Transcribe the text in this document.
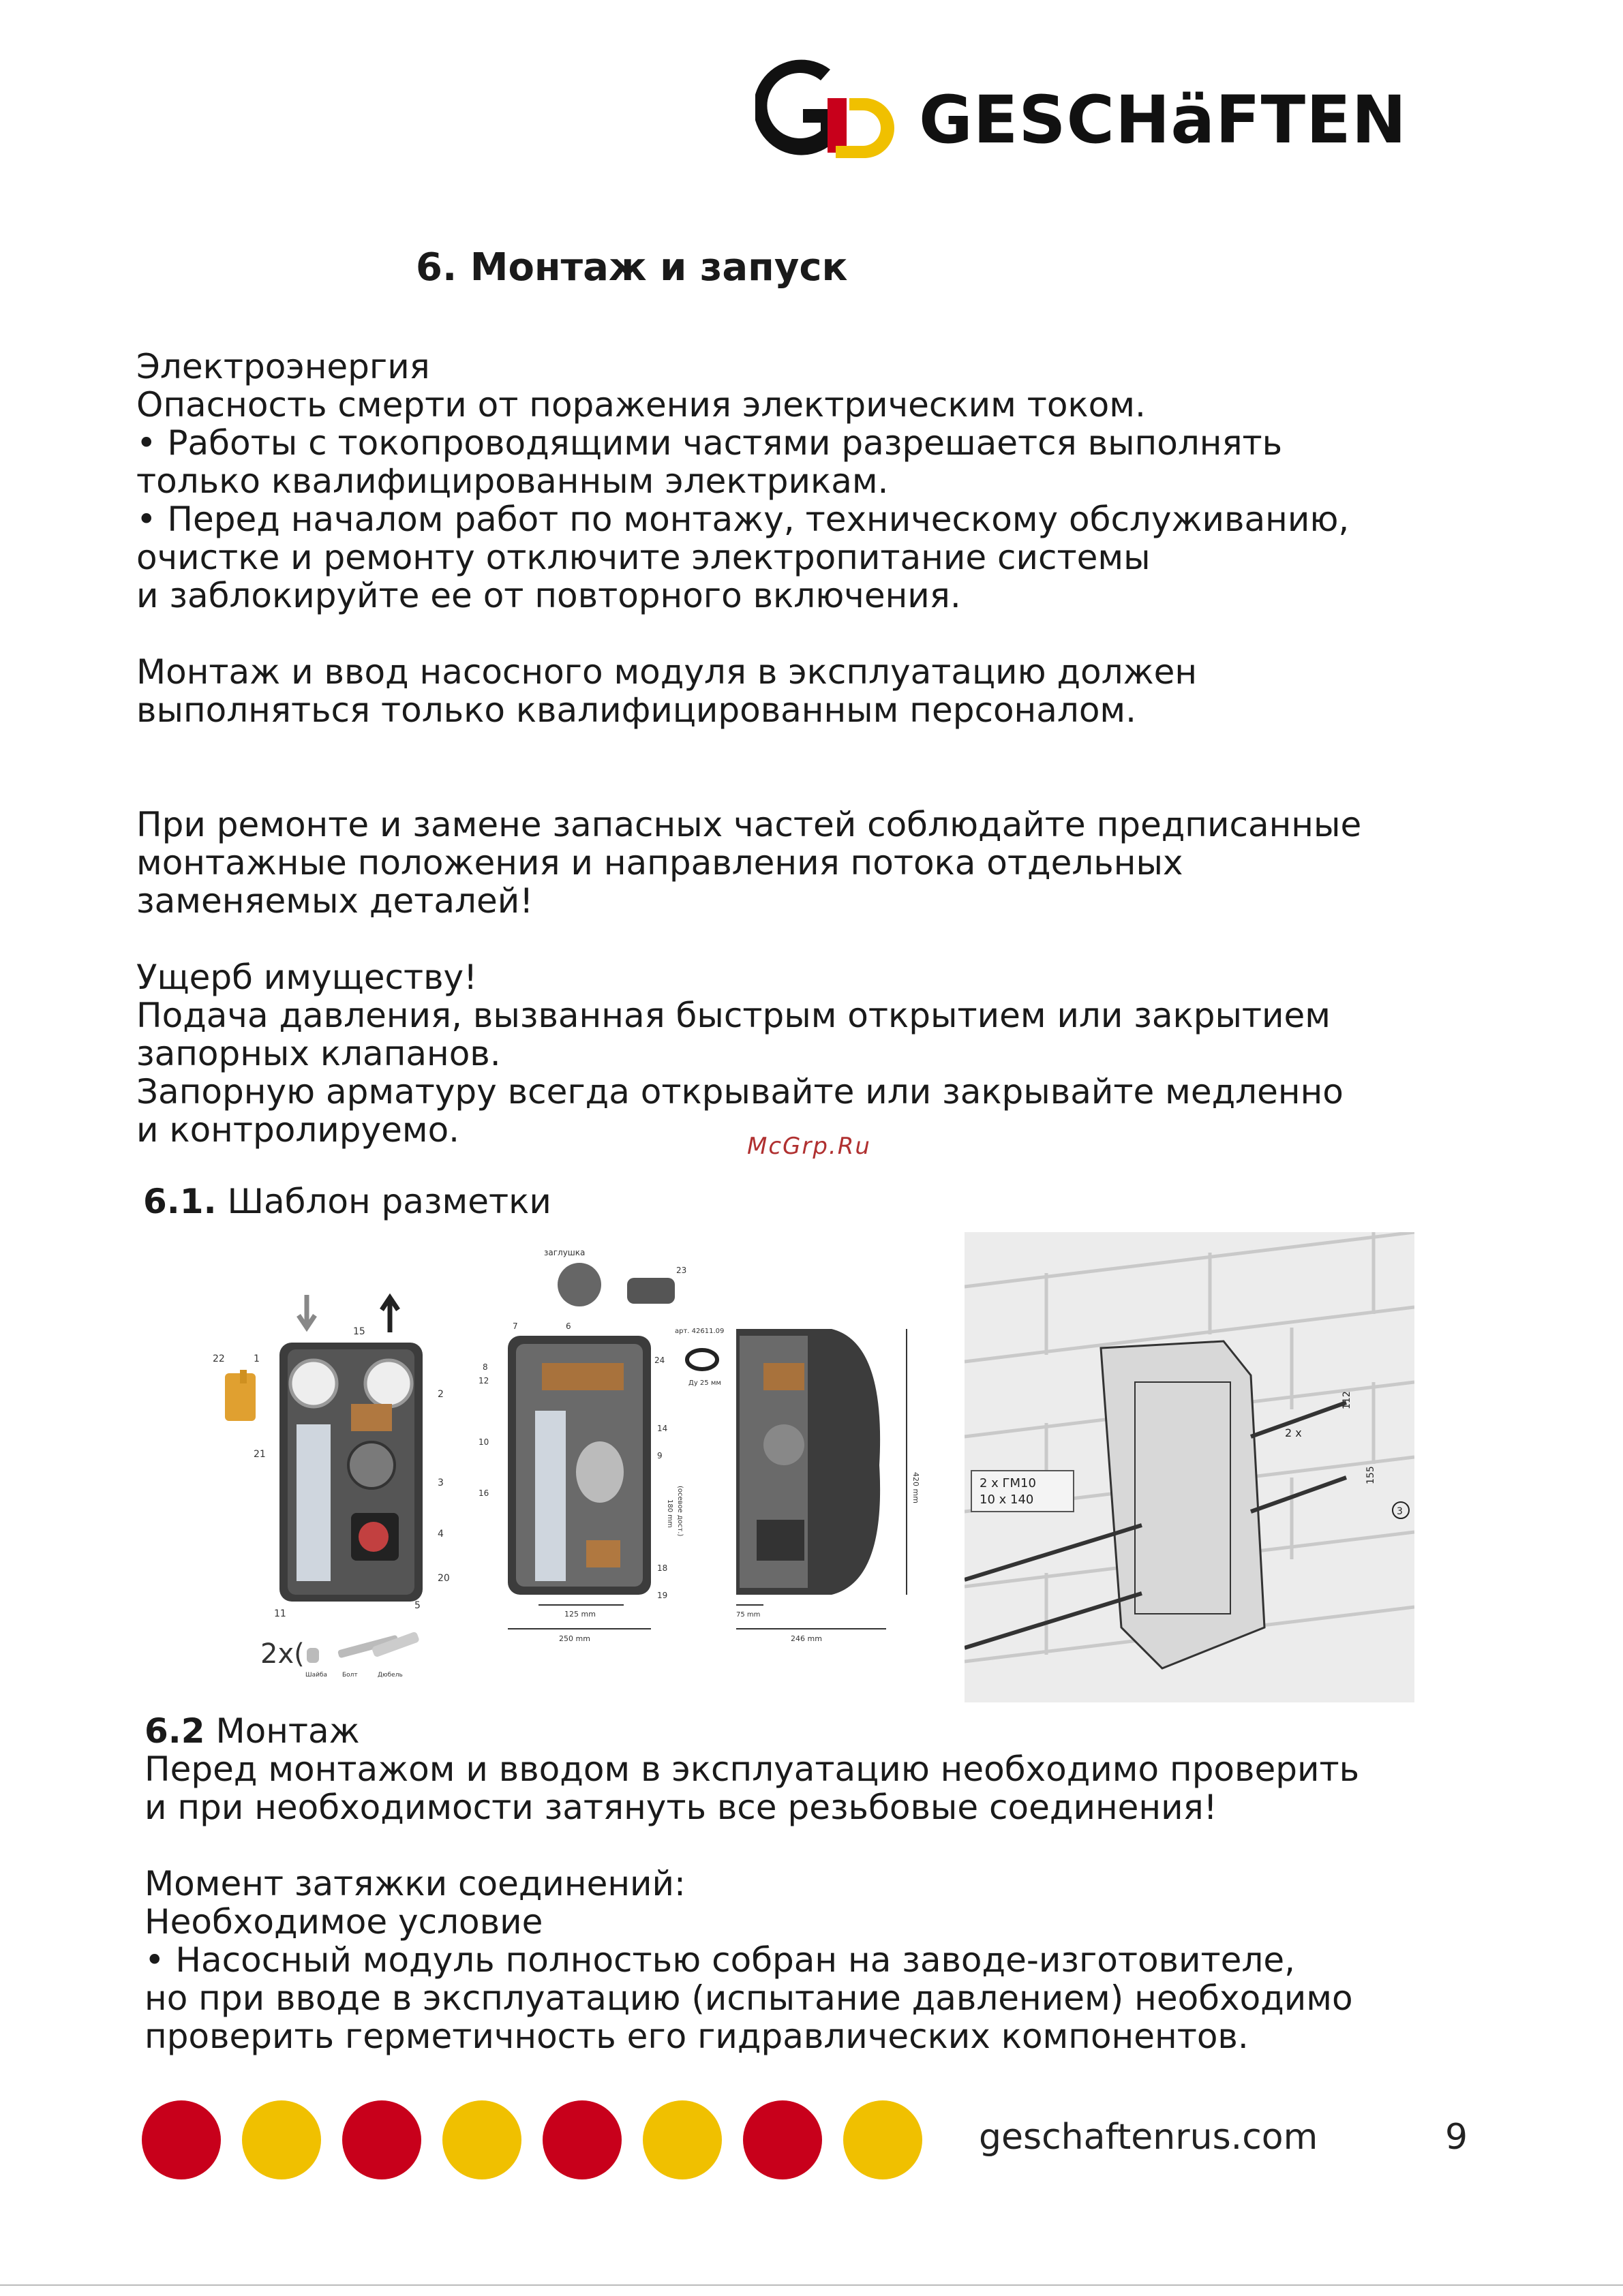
GESCHäFTEN
6. Монтаж и запуск
Электроэнергия
Опасность смерти от поражения электрическим током.
• Работы с токопроводящими частями разрешается выполнять
только квалифицированным электрикам.
• Перед началом работ по монтажу, техническому обслуживанию,
очистке и ремонту отключите электропитание системы
и заблокируйте ее от повторного включения.
Монтаж и ввод насосного модуля в эксплуатацию должен
выполняться только квалифицированным персоналом.
При ремонте и замене запасных частей соблюдайте предписанные
монтажные положения и направления потока отдельных
заменяемых деталей!
Ущерб имуществу!
Подача давления, вызванная быстрым открытием или закрытием
запорных клапанов.
Запорную арматуру всегда открывайте или закрывайте медленно
и контролируемо.	McGrp.Ru
6.1. Шаблон разметки
22	1
15
2
21
3
4
20
11
5
2x(
Шайба Болт	Дюбель
заглушка
23
арт. 42611.09
Ду 25 мм
7	6
24
8
12
10
16
14
9
18
19
180 mm (осевое дост.)
125 mm
250 mm
420 mm
75 mm
246 mm
2 x ГМ10
10 x 140
2 x
112
155
3
6.2 Монтаж
Перед монтажом и вводом в эксплуатацию необходимо проверить
и при необходимости затянуть все резьбовые соединения!
Момент затяжки соединений:
Необходимое условие
• Насосный модуль полностью собран на заводе-изготовителе,
но при вводе в эксплуатацию (испытание давлением) необходимо
проверить герметичность его гидравлических компонентов.
geschaftenrus.com	9
